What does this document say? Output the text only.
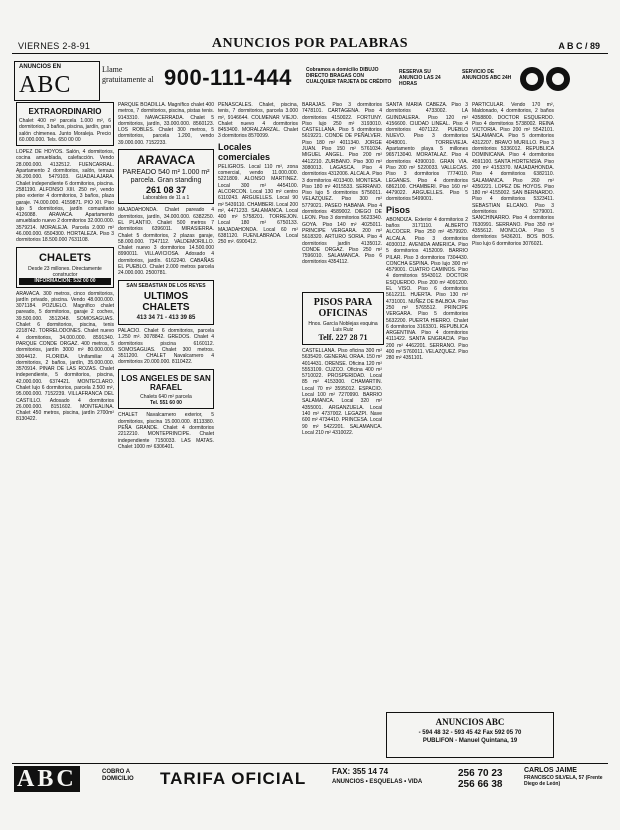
VIERNES 2-8-91	ANUNCIOS POR PALABRAS	A B C / 89
ANUNCIOS EN
ABC
Llame gratuitamente al 900-111-444	Cobramos a domicilio DIBUJO DIRECTO BRAGAS CON CUALQUIER TARJETA DE CRÉDITO
RESERVA SU ANUNCIO LAS 24 HORAS
SERVICIO DE ANUNCIOS ABC 24H
EXTRAORDINARIO
Chalet 400 m² parcela 1.000 m², 6 dormitorios, 3 baños, piscina, jardín, gran salón chimenea. Junto Moraleja. Precio 60.000.000. Tels. 650 00 00
LOPEZ DE HOYOS. Salón, 4 dormitorios, cocina amueblada, calefacción. Vendo 28.000.000. 4132512. FUENCARRAL. Apartamento 2 dormitorios, salón, terraza 36.200.000. 5479103. GUADALAJARA. Chalet independiente 6 dormitorios, piscina. 2581190. ALFONSO XIII. 250 m², vendo piso exterior 4 dormitorios, 3 baños, plaza garaje. 74.000.000. 4159871. PIO XII. Piso lujo 5 dormitorios, jardín comunitario 4126088. ARAVACA. Apartamento amueblado nuevo 2 dormitorios 32.000.000. 3579214. MORALEJA. Parcela 2.000 m² 46.000.000. 6504300. HORTALEZA. Piso 3 dormitorios 18.500.000 7631108.
CHALETS
Desde 23 millones. Directamente constructor
INFORMACION: 532 00 00
ARAVACA. 300 metros, cinco dormitorios, jardín privado, piscina. Vendo 48.000.000. 3071184. POZUELO. Magnífico chalet pareado, 5 dormitorios, garaje 2 coches, 39.500.000. 3512048. SOMOSAGUAS. Chalet 6 dormitorios, piscina, tenis 2218742. TORRELODONES. Chalet nuevo 4 dormitorios, 34.000.000. 8591340. PARQUE CONDE ORGAZ. 400 metros, 5 dormitorios, jardín 3000 m² 80.000.000. 3004412. FLORIDA. Unifamiliar 4 dormitorios, 2 baños, jardín, 35.000.000. 3570914. PINAR DE LAS ROZAS. Chalet independiente, 5 dormitorios, piscina, 42.000.000. 6374421. MONTECLARO. Chalet lujo 6 dormitorios, parcela 2.500 m², 95.000.000. 7152239. VILLAFRANCA DEL CASTILLO. Adosado 4 dormitorios 26.000.000. 8151602. MONTEALINA. Chalet 450 metros, piscina, jardín 2700m² 8130422.
PARQUE BOADILLA. Magnífico chalet 400 metros, 7 dormitorios, piscina, pistas tenis. 9143310. NAVACERRADA. Chalet 5 dormitorios, jardín, 33.000.000. 8560123. LOS ROBLES. Chalet 300 metros, 5 dormitorios, parcela 1.200, vendo 39.000.000. 7152233.
ARAVACA
PAREADO 540 m² 1.000 m² parcela. Gran standing
261 08 37
Laborables de 11 a 1
MAJADAHONDA. Chalet pareado 4 dormitorios, jardín, 34.000.000. 6382250. EL PLANTIO. Chalet 500 metros 7 dormitorios 6396011. MIRASIERRA. Chalet 5 dormitorios, 2 plazas garaje, 58.000.000. 7347112. VALDEMORILLO. Chalet nuevo 3 dormitorios 14.500.000 8990011. VILLAVICIOSA. Adosado 4 dormitorios, jardín. 6162240. CABAÑAS EL PUEBLO. Chalet 2.000 metros parcela 24.000.000. 2500781.
SAN SEBASTIAN DE LOS REYES
ULTIMOS CHALETS
413 34 71 - 413 39 85
PALACIO. Chalet 6 dormitorios, parcela 1.250 m². 3078842. GREDOS. Chalet 4 dormitorios piscina 6160112. SOMOSAGUAS. Chalet 300 metros. 3511200. CHALET Navalcarnero 4 dormitorios 20.000.000. 8110422.
LOS ANGELES DE SAN RAFAEL
Chalets 640 m² parcela
Tel. 551 60 00
CHALET Navalcarnero exterior, 5 dormitorios, piscina 15.000.000. 8113380. PEÑA GRANDE. Chalet 4 dormitorios 2212210. MONTEPRINCIPE. Chalet independiente 7150033. LAS MATAS. Chalet 1000 m² 6306401.
PEÑASCALES. Chalet, piscina, tenis, 7 dormitorios, parcela 3.000 m², 9146644. COLMENAR VIEJO. Chalet nuevo 4 dormitorios 8453400. MORALZARZAL. Chalet 3 dormitorios 8570099.
Locales comerciales
PELIGROS. Local 110 m², zona comercial, vendo 11.000.000. 5221809. ALONSO MARTINEZ. Local 300 m² 4454100. ALCORCON. Local 130 m² centro 6110243. ARGUELLES. Local 90 m² 5439110. CHAMBERI. Local 200 m², 4471233. SALAMANCA. Local 400 m² 5758201. TORREJON. Local 180 m² 6750133. MAJADAHONDA. Local 60 m² 6381120. FUENLABRADA. Local 250 m². 6900412.
BARAJAS. Piso 3 dormitorios 7478101. CARTAGENA. Piso 4 dormitorios 4150022. FORTUNY. Piso lujo 250 m² 3193010. CASTELLANA. Piso 5 dormitorios 5619221. CONDE DE PEÑALVER. Piso 180 m² 4011340. JORGE JUAN. Piso 150 m² 5761034. MIGUEL ANGEL. Piso 200 m² 4412210. ZURBANO. Piso 300 m² 3080013. LAGASCA. Piso 4 dormitorios 4312006. ALCALA. Piso 3 dormitorios 4013400. MONTESA. Piso 180 m² 4015533. SERRANO. Piso lujo 5 dormitorios 5756011. VELAZQUEZ. Piso 300 m² 5779021. PASEO HABANA. Piso 4 dormitorios 4589002. DIEGO DE LEON. Piso 3 dormitorios 5623340. GOYA. Piso 140 m² 4025011. PRINCIPE VERGARA. 200 m² 5618320. ARTURO SORIA. Piso 4 dormitorios jardín 4135012. CONDE ORGAZ. Piso 250 m² 7596010. SALAMANCA. Piso 6 dormitorios 4354112.
PISOS PARA OFICINAS
Hnos. García Noblejas esquina Luis Ruiz
Telf. 227 28 71
CASTELLANA. Piso oficina 300 m² 5635420. GENERAL ORAA. 150 m² 4014431. ORENSE. Oficina 120 m² 5553109. CUZCO. Oficina 400 m² 5710022. PROSPERIDAD. Local 85 m² 4153300. CHAMARTIN. Local 70 m² 3595012. ESPACIO. Local 100 m² 7270990. BARRIO SALAMANCA. Local 320 m² 4355001. ARGANZUELA. Local 140 m² 4737002. LEGAZPI. Nave 600 m² 4734410. PRINCESA. Local 90 m² 5422201. SALAMANCA. Local 210 m² 4310022.
SANTA MARIA CABEZA. Piso 3 dormitorios 4733002. LA GUINDALERA. Piso 120 m² 4156600. CIUDAD LINEAL. Piso 4 dormitorios 4071122. PUEBLO NUEVO. Piso 3 dormitorios 4048001. TORREVIEJA. Apartamento playa 5 millones 965713040. MORATALAZ. Piso 4 dormitorios 4390010. GRAN VIA. Piso 200 m² 5220033. VALLECAS. Piso 3 dormitorios 7774010. LEGANES. Piso 4 dormitorios 6862100. CHAMBERI. Piso 160 m² 4479022. ARGUELLES. Piso 5 dormitorios 5499001.
Pisos
ABONDIZA. Exterior 4 dormitorios 2 baños 3171110. ALBERTO ALCOCER. Piso 250 m² 4579920. ALCALA. Piso 3 dormitorios 4030012. AVENIDA AMERICA. Piso 5 dormitorios 4152009. BARRIO PILAR. Piso 3 dormitorios 7304430. CONCHA ESPINA. Piso lujo 300 m² 4579001. CUATRO CAMINOS. Piso 4 dormitorios 5543012. DOCTOR ESQUERDO. Piso 200 m² 4091200. EL VISO. Piso 6 dormitorios 5612211. HUERTA. Piso 130 m² 4731001. NUÑEZ DE BALBOA. Piso 250 m² 5765512. PRINCIPE VERGARA. Piso 5 dormitorios 5632200. PUERTA HIERRO. Chalet 6 dormitorios 3163301. REPUBLICA ARGENTINA. Piso 4 dormitorios 4111422. SANTA ENGRACIA. Piso 200 m² 4462201. SERRANO. Piso 400 m² 5760011. VELAZQUEZ. Piso 280 m² 4351101.
PARTICULAR. Vendo 170 m², Maldonado, 4 dormitorios, 2 baños 4358800. DOCTOR ESQUERDO. Piso 4 dormitorios 5738002. REINA VICTORIA. Piso 200 m² 5542101. SALAMANCA. Piso 5 dormitorios 4312207. BRAVO MURILLO. Piso 3 dormitorios 5336012. REPUBLICA DOMINICANA. Piso 4 dormitorios 4591100. SANTA HORTENSIA. Piso 200 m² 4153370. MAJADAHONDA. Piso 4 dormitorios 6382110. SALAMANCA. Piso 260 m² 4350221. LOPEZ DE HOYOS. Piso 180 m² 4155002. SAN BERNARDO. Piso 4 dormitorios 5323411. SEBASTIAN ELCANO. Piso 3 dormitorios 5279001. SANCHINARRO. Piso 4 dormitorios 7630991. SERRANO. Piso 350 m² 4355612. MONCLOA. Piso 5 dormitorios 5436201. BOS BOS. Piso lujo 6 dormitorios 3076021.
ANUNCIOS ABC
- 594 48 32 - 593 45 42 Fax 592 05 70
PUBLIFON - Manuel Quintana, 19
ABC	COBRO A DOMICILIO	TARIFA OFICIAL	FAX: 355 14 74
ANUNCIOS • ESQUELAS • VIDA
256 70 23
256 66 38
CARLOS JAIME
FRANCISCO SILVELA, 57 (Frente Diego de León)
